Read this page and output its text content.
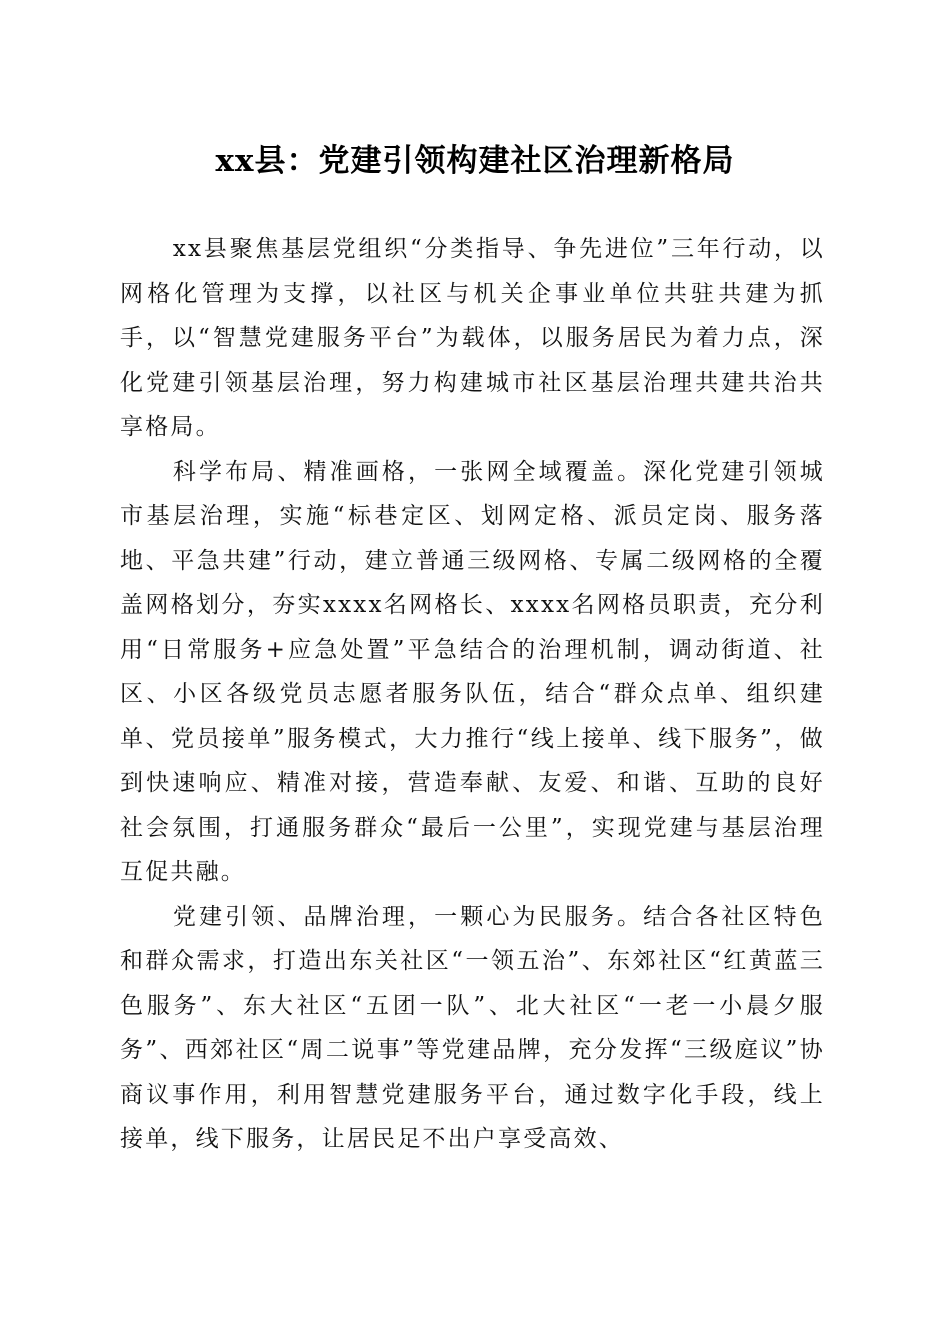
xx县：党建引领构建社区治理新格局

xx县聚焦基层党组织“分类指导、争先进位”三年行动，以网格化管理为支撑，以社区与机关企事业单位共驻共建为抓手，以“智慧党建服务平台”为载体，以服务居民为着力点，深化党建引领基层治理，努力构建城市社区基层治理共建共治共享格局。

科学布局、精准画格，一张网全域覆盖。深化党建引领城市基层治理，实施“标巷定区、划网定格、派员定岗、服务落地、平急共建”行动，建立普通三级网格、专属二级网格的全覆盖网格划分，夯实xxxx名网格长、xxxx名网格员职责，充分利用“日常服务+应急处置”平急结合的治理机制，调动街道、社区、小区各级党员志愿者服务队伍，结合“群众点单、组织建单、党员接单”服务模式，大力推行“线上接单、线下服务”，做到快速响应、精准对接，营造奉献、友爱、和谐、互助的良好社会氛围，打通服务群众“最后一公里”，实现党建与基层治理互促共融。

党建引领、品牌治理，一颗心为民服务。结合各社区特色和群众需求，打造出东关社区“一领五治”、东郊社区“红黄蓝三色服务”、东大社区“五团一队”、北大社区“一老一小晨夕服务”、西郊社区“周二说事”等党建品牌，充分发挥“三级庭议”协商议事作用，利用智慧党建服务平台，通过数字化手段，线上接单，线下服务，让居民足不出户享受高效、
